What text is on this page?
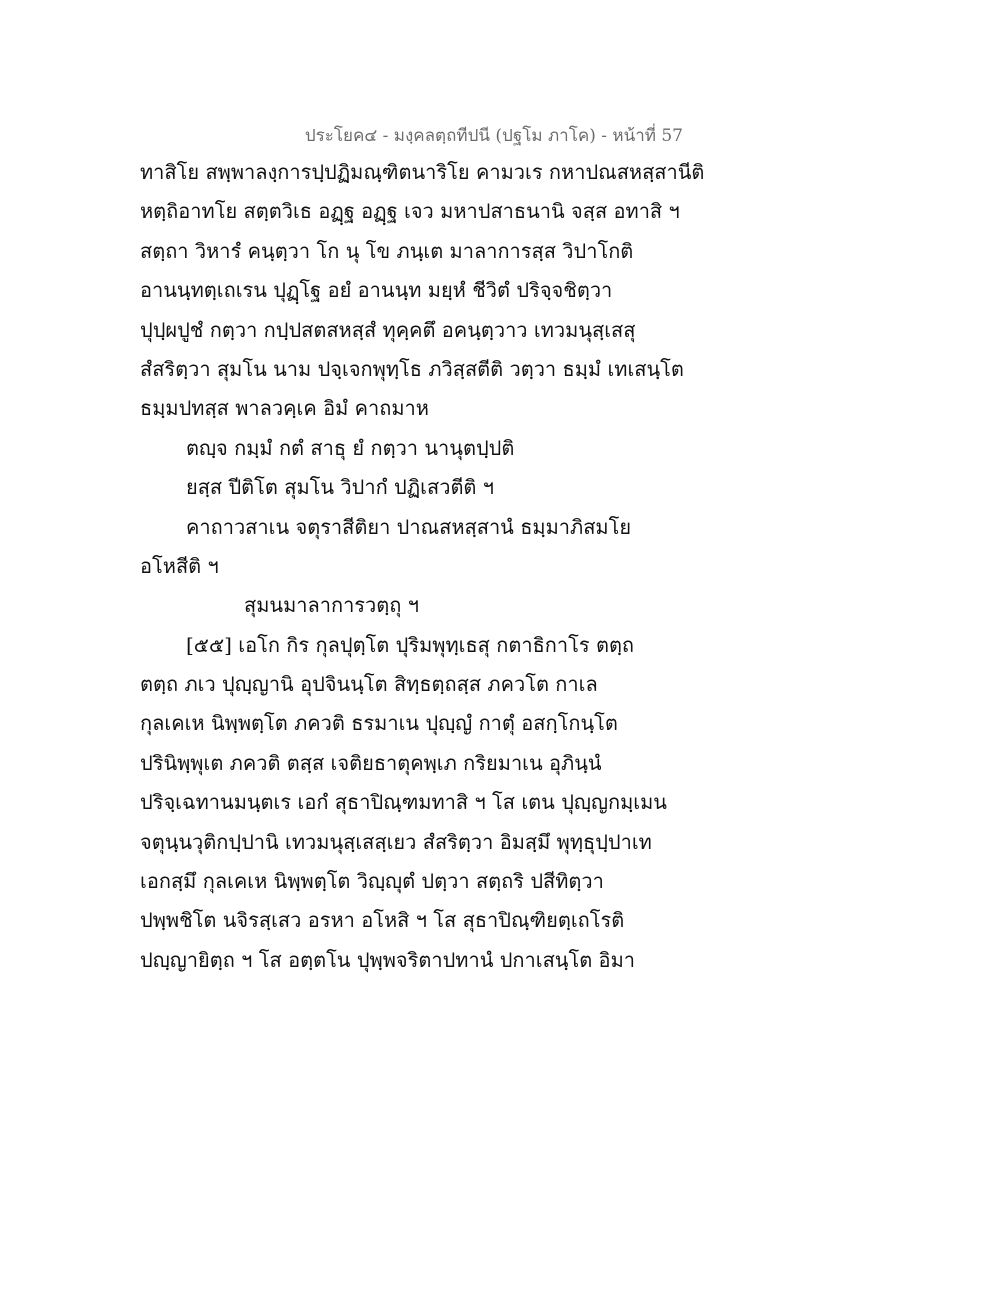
ประโยค๔ - มงฺคลตฺถทีปนี (ปฐโม ภาโค) - หน้าที่ 57
ทาสิโย สพฺพาลงฺการปฺปฏิมณฺฑิตนาริโย คามวเร กหาปณสหสฺสานีติ
หตฺถิอาทโย สตฺตวิเธ อฏฺฐ อฏฺฐ เจว มหาปสาธนานิ จสฺส อทาสิ ฯ
สตฺถา วิหารํ คนฺตฺวา โก นุ โข ภนฺเต มาลาการสฺส วิปาโกติ
อานนฺทตฺเถเรน ปุฏฺโฐ อยํ อานนฺท มยฺหํ ชีวิตํ ปริจฺจชิตฺวา
ปุปฺผปูชํ กตฺวา กปฺปสตสหสฺสํ ทุคฺคตึ อคนฺตฺวาว เทวมนุสฺเสสุ
สํสริตฺวา สุมโน นาม ปจฺเจกพุทฺโธ ภวิสฺสตีติ วตฺวา ธมฺมํ เทเสนฺโต
ธมฺมปทสฺส พาลวคฺเค อิมํ คาถมาห
ตญฺจ กมฺมํ กตํ สาธุ ยํ กตฺวา นานุตปฺปติ
ยสฺส ปีติโต สุมโน วิปากํ ปฏิเสวตีติ ฯ
คาถาวสาเน จตุราสีติยา ปาณสหสฺสานํ ธมฺมาภิสมโย
อโหสีติ ฯ
สุมนมาลาการวตฺถุ ฯ
[๕๕] เอโก กิร กุลปุตฺโต ปุริมพุทฺเธสุ กตาธิกาโร ตตฺถ
ตตฺถ ภเว ปุญฺญานิ อุปจินนฺโต สิทฺธตฺถสฺส ภควโต กาเล
กุลเคเห นิพฺพตฺโต ภควติ ธรมาเน ปุญฺญํ กาตุํ อสกฺโกนฺโต
ปรินิพฺพุเต ภควติ ตสฺส เจติยธาตุคพฺเภ กริยมาเน อุภินฺนํ
ปริจฺเฉทานมนฺตเร เอกํ สุธาปิณฺฑมทาสิ ฯ โส เตน ปุญฺญกมฺเมน
จตุนฺนวุติกปฺปานิ เทวมนุสฺเสสฺเยว สํสริตฺวา อิมสฺมึ พุทฺธุปฺปาเท
เอกสฺมึ กุลเคเห นิพฺพตฺโต วิญฺญุตํ ปตฺวา สตฺถริ ปสีทิตฺวา
ปพฺพชิโต นจิรสฺเสว อรหา อโหสิ ฯ โส สุธาปิณฺฑิยตฺเถโรติ
ปญฺญายิตฺถ ฯ โส อตฺตโน ปุพฺพจริตาปทานํ ปกาเสนฺโต อิมา
